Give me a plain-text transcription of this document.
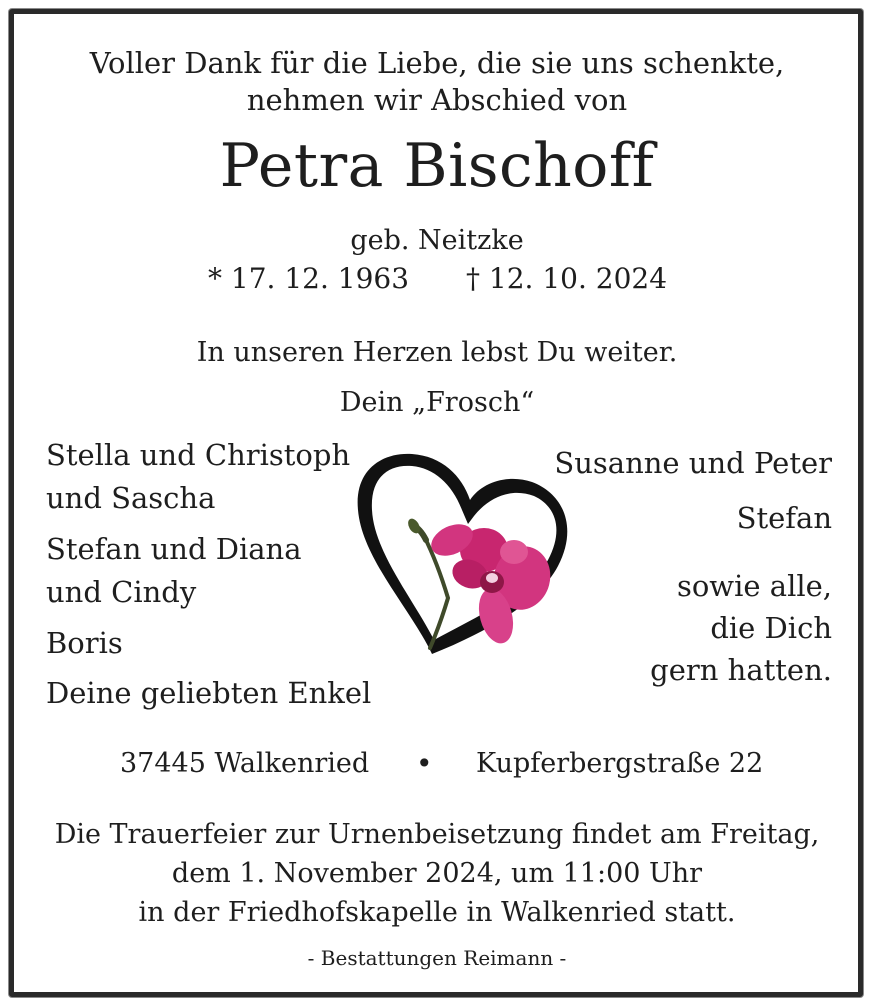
Voller Dank für die Liebe, die sie uns schenkte,
nehmen wir Abschied von
Petra Bischoff
geb. Neitzke
* 17. 12. 1963 † 12. 10. 2024
In unseren Herzen lebst Du weiter.
Dein „Frosch“
Stella und Christoph
und Sascha
Stefan und Diana
und Cindy
Boris
Deine geliebten Enkel
Susanne und Peter
Stefan
sowie alle,
die Dich
gern hatten.
37445 Walkenried • Kupferbergstraße 22
Die Trauerfeier zur Urnenbeisetzung findet am Freitag,
dem 1. November 2024, um 11:00 Uhr
in der Friedhofskapelle in Walkenried statt.
- Bestattungen Reimann -
